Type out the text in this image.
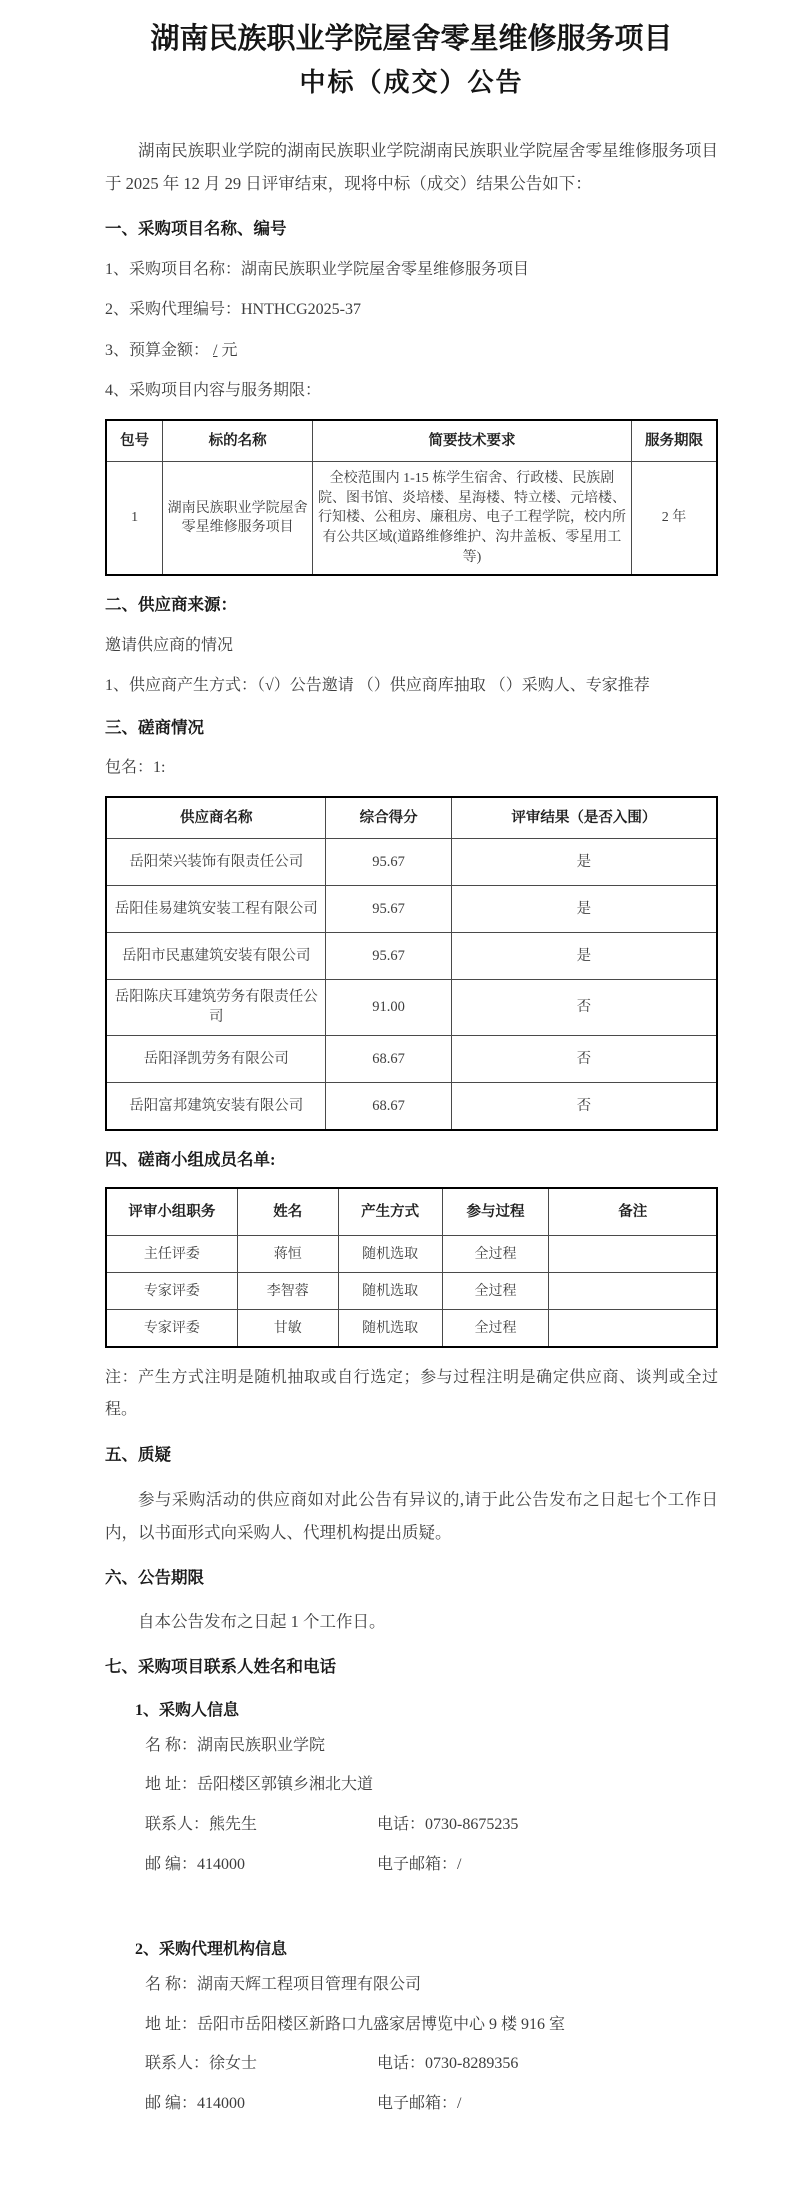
湖南民族职业学院屋舍零星维修服务项目
中标（成交）公告

湖南民族职业学院的湖南民族职业学院湖南民族职业学院屋舍零星维修服务项目于 2025 年 12 月 29 日评审结束，现将中标（成交）结果公告如下：

一、采购项目名称、编号

1、采购项目名称：湖南民族职业学院屋舍零星维修服务项目

2、采购代理编号：HNTHCG2025-37

3、预算金额： / 元

4、采购项目内容与服务期限：

包号	标的名称	简要技术要求	服务期限
1	湖南民族职业学院屋舍零星维修服务项目	全校范围内 1-15 栋学生宿舍、行政楼、民族剧院、图书馆、炎培楼、星海楼、特立楼、元培楼、行知楼、公租房、廉租房、电子工程学院，校内所有公共区域(道路维修维护、沟井盖板、零星用工等)	2 年
二、供应商来源：

邀请供应商的情况

1、供应商产生方式：（√）公告邀请 （）供应商库抽取 （）采购人、专家推荐

三、磋商情况

包名：1:

供应商名称	综合得分	评审结果（是否入围）
岳阳荣兴装饰有限责任公司	95.67	是
岳阳佳易建筑安装工程有限公司	95.67	是
岳阳市民惠建筑安装有限公司	95.67	是
岳阳陈庆耳建筑劳务有限责任公司	91.00	否
岳阳泽凯劳务有限公司	68.67	否
岳阳富邦建筑安装有限公司	68.67	否
四、磋商小组成员名单:
评审小组职务	姓名	产生方式	参与过程	备注
主任评委	蒋恒	随机选取	全过程	
专家评委	李智蓉	随机选取	全过程	
专家评委	甘敏	随机选取	全过程	

注：产生方式注明是随机抽取或自行选定；参与过程注明是确定供应商、谈判或全过程。

五、质疑

参与采购活动的供应商如对此公告有异议的,请于此公告发布之日起七个工作日内，以书面形式向采购人、代理机构提出质疑。

六、公告期限

自本公告发布之日起 1 个工作日。

七、采购项目联系人姓名和电话
1、采购人信息

名 称：湖南民族职业学院

地 址：岳阳楼区郭镇乡湘北大道

联系人：熊先生	电话：0730-8675235

邮 编：414000	电子邮箱：/

2、采购代理机构信息

名 称：湖南天辉工程项目管理有限公司

地 址：岳阳市岳阳楼区新路口九盛家居博览中心 9 楼 916 室

联系人：徐女士	电话：0730-8289356

邮 编：414000	电子邮箱：/
